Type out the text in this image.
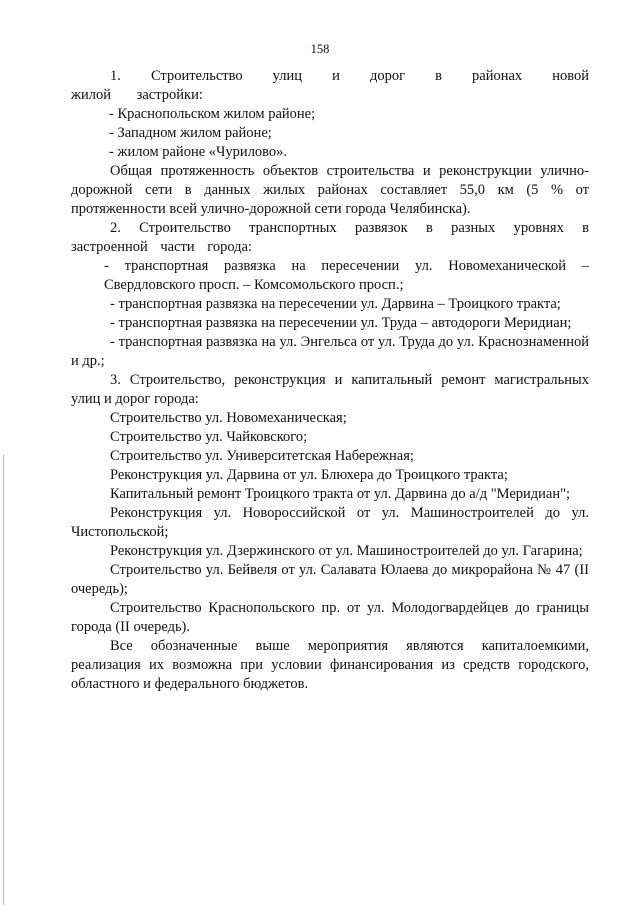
158

1. Строительство улиц и дорог в районах новой жилой застройки:

- Краснопольском жилом районе;

- Западном жилом районе;

- жилом районе «Чурилово».

Общая протяженность объектов строительства и реконструкции улично-дорожной сети в данных жилых районах составляет 55,0 км (5 % от протяженности всей улично-дорожной сети города Челябинска).

2. Строительство транспортных развязок в разных уровнях в застроенной части города:

- транспортная развязка на пересечении ул. Новомеханической – Свердловского просп. – Комсомольского просп.;

- транспортная развязка на пересечении ул. Дарвина – Троицкого тракта;

- транспортная развязка на пересечении ул. Труда – автодороги Меридиан;

- транспортная развязка на ул. Энгельса от ул. Труда до ул. Краснознаменной и др.;

3. Строительство, реконструкция и капитальный ремонт магистральных улиц и дорог города:

Строительство ул. Новомеханическая;

Строительство ул. Чайковского;

Строительство ул. Университетская Набережная;

Реконструкция ул. Дарвина от ул. Блюхера до Троицкого тракта;

Капитальный ремонт Троицкого тракта от ул. Дарвина до а/д "Меридиан";

Реконструкция ул. Новороссийской от ул. Машиностроителей до ул. Чистопольской;

Реконструкция ул. Дзержинского от ул. Машиностроителей до ул. Гагарина;

Строительство ул. Бейвеля от ул. Салавата Юлаева до микрорайона № 47 (II очередь);

Строительство Краснопольского пр. от ул. Молодогвардейцев до границы города (II очередь).

Все обозначенные выше мероприятия являются капиталоемкими, реализация их возможна при условии финансирования из средств городского, областного и федерального бюджетов.
